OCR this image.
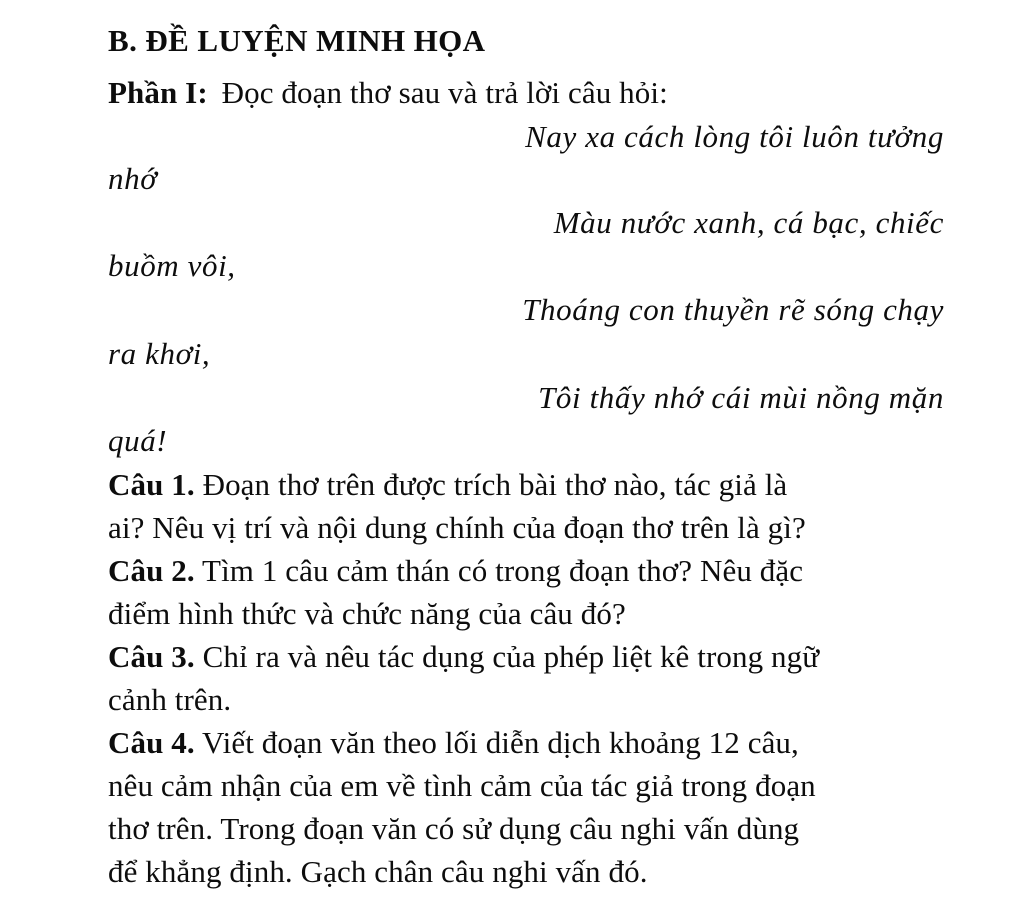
B. ĐỀ LUYỆN MINH HỌA
Phần I: Đọc đoạn thơ sau và trả lời câu hỏi:
Nay xa cách lòng tôi luôn tưởng
nhớ
Màu nước xanh, cá bạc, chiếc
buồm vôi,
Thoáng con thuyền rẽ sóng chạy
ra khơi,
Tôi thấy nhớ cái mùi nồng mặn
quá!
Câu 1. Đoạn thơ trên được trích bài thơ nào, tác giả là
ai? Nêu vị trí và nội dung chính của đoạn thơ trên là gì?
Câu 2. Tìm 1 câu cảm thán có trong đoạn thơ? Nêu đặc
điểm hình thức và chức năng của câu đó?
Câu 3. Chỉ ra và nêu tác dụng của phép liệt kê trong ngữ
cảnh trên.
Câu 4. Viết đoạn văn theo lối diễn dịch khoảng 12 câu,
nêu cảm nhận của em về tình cảm của tác giả trong đoạn
thơ trên. Trong đoạn văn có sử dụng câu nghi vấn dùng
để khẳng định. Gạch chân câu nghi vấn đó.
